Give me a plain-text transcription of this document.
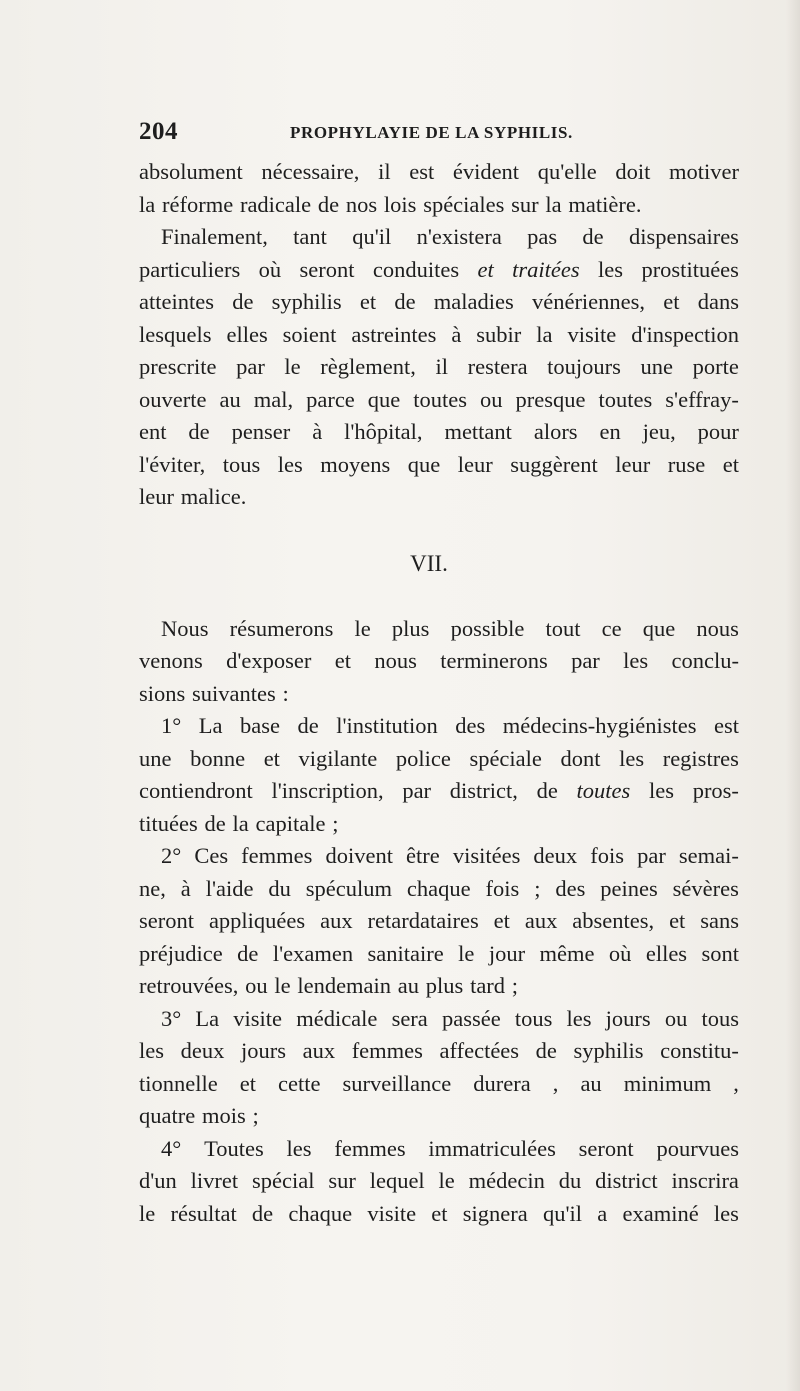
204	PROPHYLAYIE DE LA SYPHILIS.
absolument nécessaire, il est évident qu'elle doit motiver
la réforme radicale de nos lois spéciales sur la matière.
Finalement, tant qu'il n'existera pas de dispensaires
particuliers où seront conduites et traitées les prostituées
atteintes de syphilis et de maladies vénériennes, et dans
lesquels elles soient astreintes à subir la visite d'inspection
prescrite par le règlement, il restera toujours une porte
ouverte au mal, parce que toutes ou presque toutes s'effray-
ent de penser à l'hôpital, mettant alors en jeu, pour
l'éviter, tous les moyens que leur suggèrent leur ruse et
leur malice.
VII.
Nous résumerons le plus possible tout ce que nous
venons d'exposer et nous terminerons par les conclu-
sions suivantes :
1° La base de l'institution des médecins-hygiénistes est
une bonne et vigilante police spéciale dont les registres
contiendront l'inscription, par district, de toutes les pros-
tituées de la capitale ;
2° Ces femmes doivent être visitées deux fois par semai-
ne, à l'aide du spéculum chaque fois ; des peines sévères
seront appliquées aux retardataires et aux absentes, et sans
préjudice de l'examen sanitaire le jour même où elles sont
retrouvées, ou le lendemain au plus tard ;
3° La visite médicale sera passée tous les jours ou tous
les deux jours aux femmes affectées de syphilis constitu-
tionnelle et cette surveillance durera , au minimum ,
quatre mois ;
4° Toutes les femmes immatriculées seront pourvues
d'un livret spécial sur lequel le médecin du district inscrira
le résultat de chaque visite et signera qu'il a examiné les
